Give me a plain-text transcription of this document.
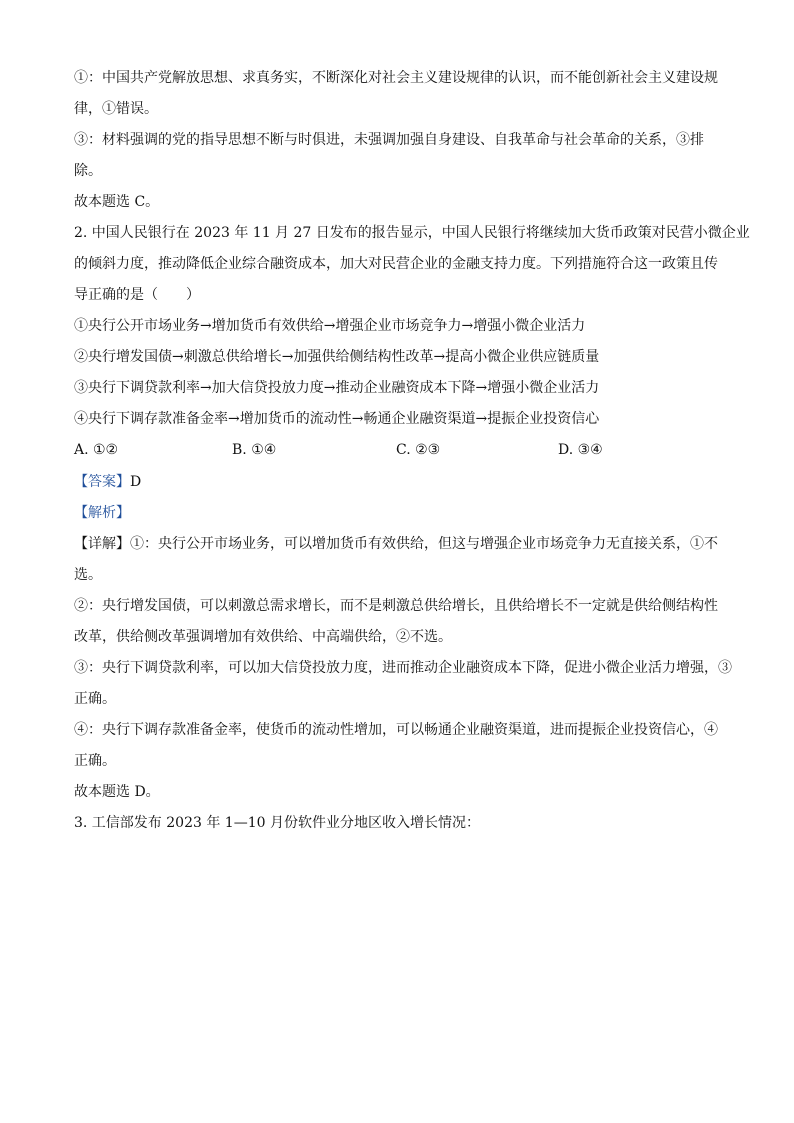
①：中国共产党解放思想、求真务实，不断深化对社会主义建设规律的认识，而不能创新社会主义建设规
律，①错误。
③：材料强调的党的指导思想不断与时俱进，未强调加强自身建设、自我革命与社会革命的关系，③排
除。
故本题选 C。
2. 中国人民银行在 2023 年 11 月 27 日发布的报告显示，中国人民银行将继续加大货币政策对民营小微企业
的倾斜力度，推动降低企业综合融资成本，加大对民营企业的金融支持力度。下列措施符合这一政策且传
导正确的是（　　）
①央行公开市场业务→增加货币有效供给→增强企业市场竞争力→增强小微企业活力
②央行增发国债→刺激总供给增长→加强供给侧结构性改革→提高小微企业供应链质量
③央行下调贷款利率→加大信贷投放力度→推动企业融资成本下降→增强小微企业活力
④央行下调存款准备金率→增加货币的流动性→畅通企业融资渠道→提振企业投资信心
A. ①②	B. ①④	C. ②③	D. ③④
【答案】D
【解析】
【详解】①：央行公开市场业务，可以增加货币有效供给，但这与增强企业市场竞争力无直接关系，①不
选。
②：央行增发国债，可以刺激总需求增长，而不是刺激总供给增长，且供给增长不一定就是供给侧结构性
改革，供给侧改革强调增加有效供给、中高端供给，②不选。
③：央行下调贷款利率，可以加大信贷投放力度，进而推动企业融资成本下降，促进小微企业活力增强，③
正确。
④：央行下调存款准备金率，使货币的流动性增加，可以畅通企业融资渠道，进而提振企业投资信心，④
正确。
故本题选 D。
3. 工信部发布 2023 年 1—10 月份软件业分地区收入增长情况：
